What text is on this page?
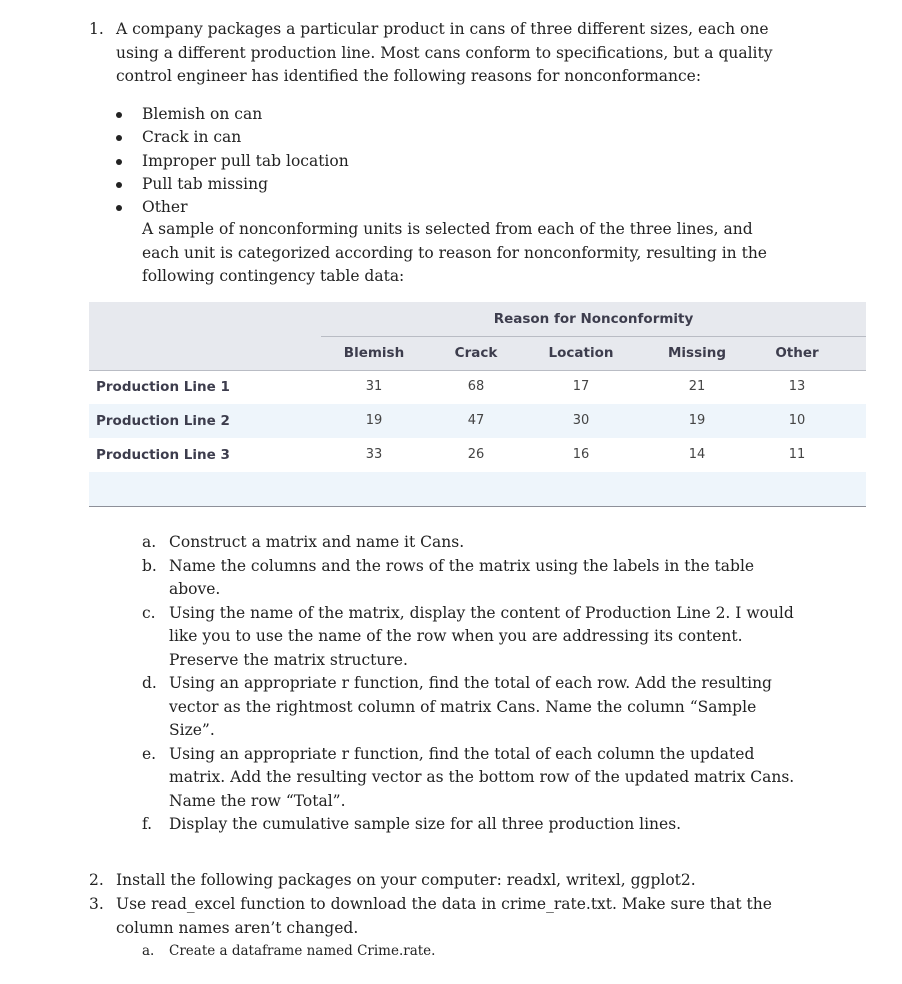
1. A company packages a particular product in cans of three different sizes, each one using a different production line. Most cans conform to specifications, but a quality control engineer has identified the following reasons for nonconformance:
Blemish on can
Crack in can
Improper pull tab location
Pull tab missing
Other
A sample of nonconforming units is selected from each of the three lines, and each unit is categorized according to reason for nonconformity, resulting in the following contingency table data:
Reason for Nonconformity
Blemish	Crack	Location	Missing	Other
Production Line 1	31	68	17	21	13
Production Line 2	19	47	30	19	10
Production Line 3	33	26	16	14	11
a. Construct a matrix and name it Cans.
b. Name the columns and the rows of the matrix using the labels in the table above.
c. Using the name of the matrix, display the content of Production Line 2. I would like you to use the name of the row when you are addressing its content. Preserve the matrix structure.
d. Using an appropriate r function, find the total of each row. Add the resulting vector as the rightmost column of matrix Cans. Name the column “Sample Size”.
e. Using an appropriate r function, find the total of each column the updated matrix. Add the resulting vector as the bottom row of the updated matrix Cans. Name the row “Total”.
f. Display the cumulative sample size for all three production lines.
2. Install the following packages on your computer: readxl, writexl, ggplot2.
3. Use read_excel function to download the data in crime_rate.txt. Make sure that the column names aren’t changed.
a. Create a dataframe named Crime.rate.
